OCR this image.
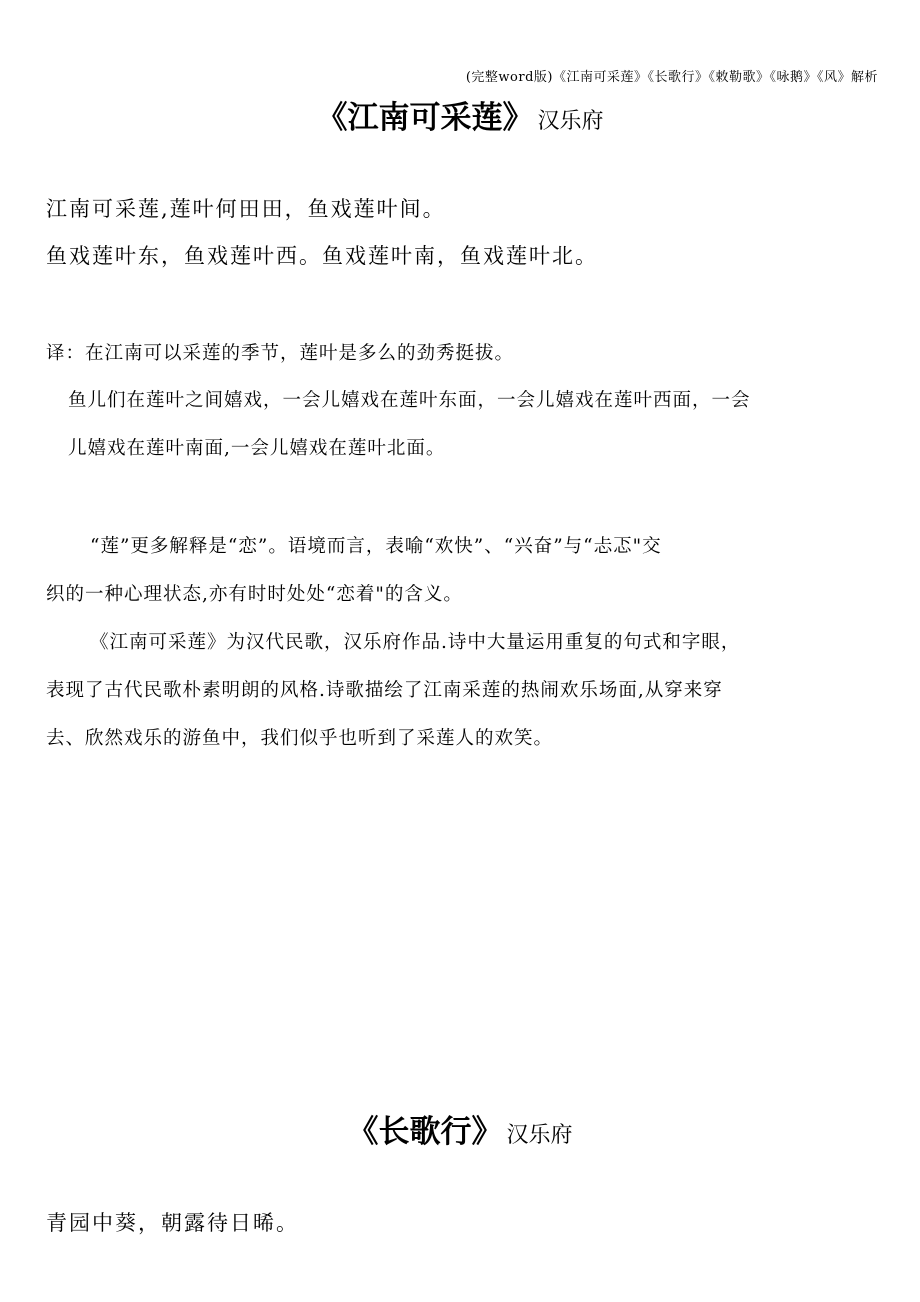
(完整word版)《江南可采莲》《长歌行》《敕勒歌》《咏鹅》《风》解析
《江南可采莲》 汉乐府
江南可采莲,莲叶何田田，鱼戏莲叶间。
鱼戏莲叶东，鱼戏莲叶西。鱼戏莲叶南，鱼戏莲叶北。
译：在江南可以采莲的季节，莲叶是多么的劲秀挺拔。
鱼儿们在莲叶之间嬉戏，一会儿嬉戏在莲叶东面，一会儿嬉戏在莲叶西面，一会
儿嬉戏在莲叶南面,一会儿嬉戏在莲叶北面。
“莲”更多解释是“恋”。语境而言，表喻“欢快”、“兴奋”与“忐忑"交
织的一种心理状态,亦有时时处处“恋着"的含义。
《江南可采莲》为汉代民歌，汉乐府作品.诗中大量运用重复的句式和字眼，
表现了古代民歌朴素明朗的风格.诗歌描绘了江南采莲的热闹欢乐场面,从穿来穿
去、欣然戏乐的游鱼中，我们似乎也听到了采莲人的欢笑。
《长歌行》 汉乐府
青园中葵，朝露待日晞。
